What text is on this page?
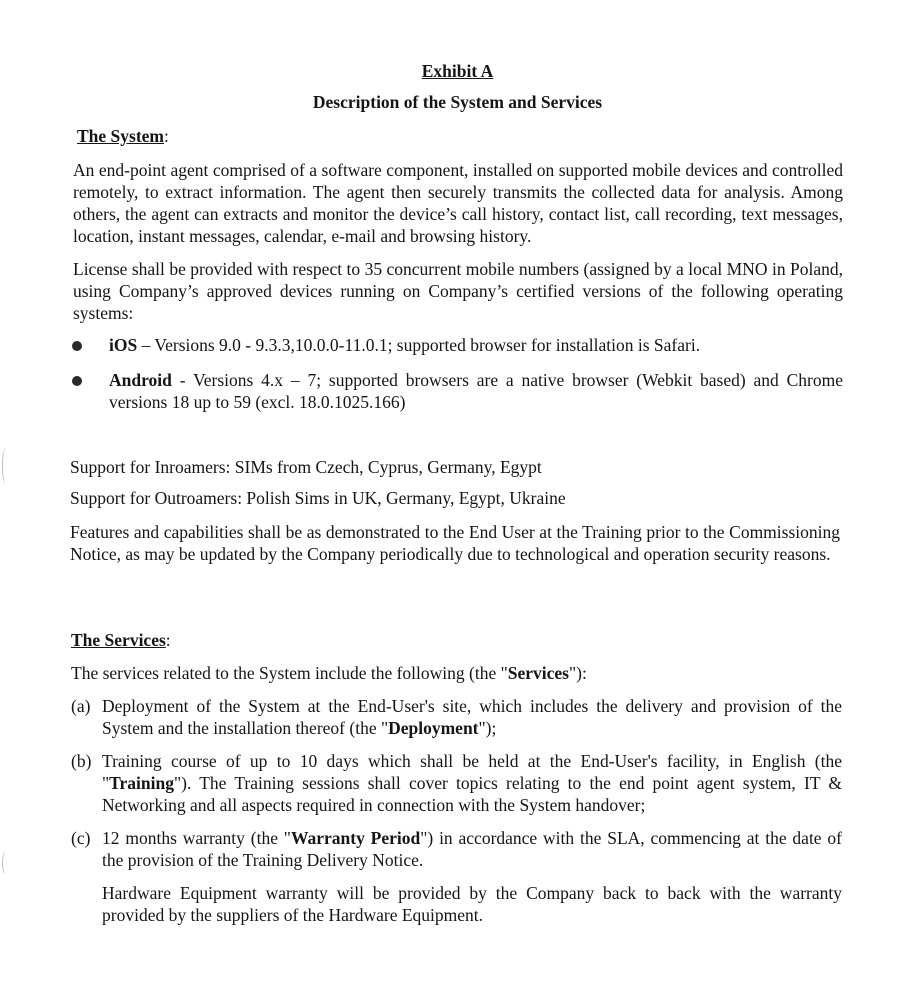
Exhibit A
Description of the System and Services
The System:
An end-point agent comprised of a software component, installed on supported mobile devices and controlled remotely, to extract information. The agent then securely transmits the collected data for analysis. Among others, the agent can extracts and monitor the device’s call history, contact list, call recording, text messages, location, instant messages, calendar, e-mail and browsing history.
License shall be provided with respect to 35 concurrent mobile numbers (assigned by a local MNO in Poland, using Company’s approved devices running on Company’s certified versions of the following operating systems:
iOS – Versions 9.0 - 9.3.3,10.0.0-11.0.1; supported browser for installation is Safari.
Android - Versions 4.x – 7; supported browsers are a native browser (Webkit based) and Chrome versions 18 up to 59 (excl. 18.0.1025.166)
Support for Inroamers: SIMs from Czech, Cyprus, Germany, Egypt
Support for Outroamers: Polish Sims in UK, Germany, Egypt, Ukraine
Features and capabilities shall be as demonstrated to the End User at the Training prior to the Commissioning Notice, as may be updated by the Company periodically due to technological and operation security reasons.
The Services:
The services related to the System include the following (the "Services"):
(a) Deployment of the System at the End-User's site, which includes the delivery and provision of the System and the installation thereof (the "Deployment");
(b) Training course of up to 10 days which shall be held at the End-User's facility, in English (the "Training"). The Training sessions shall cover topics relating to the end point agent system, IT & Networking and all aspects required in connection with the System handover;
(c) 12 months warranty (the "Warranty Period") in accordance with the SLA, commencing at the date of the provision of the Training Delivery Notice.
Hardware Equipment warranty will be provided by the Company back to back with the warranty provided by the suppliers of the Hardware Equipment.
